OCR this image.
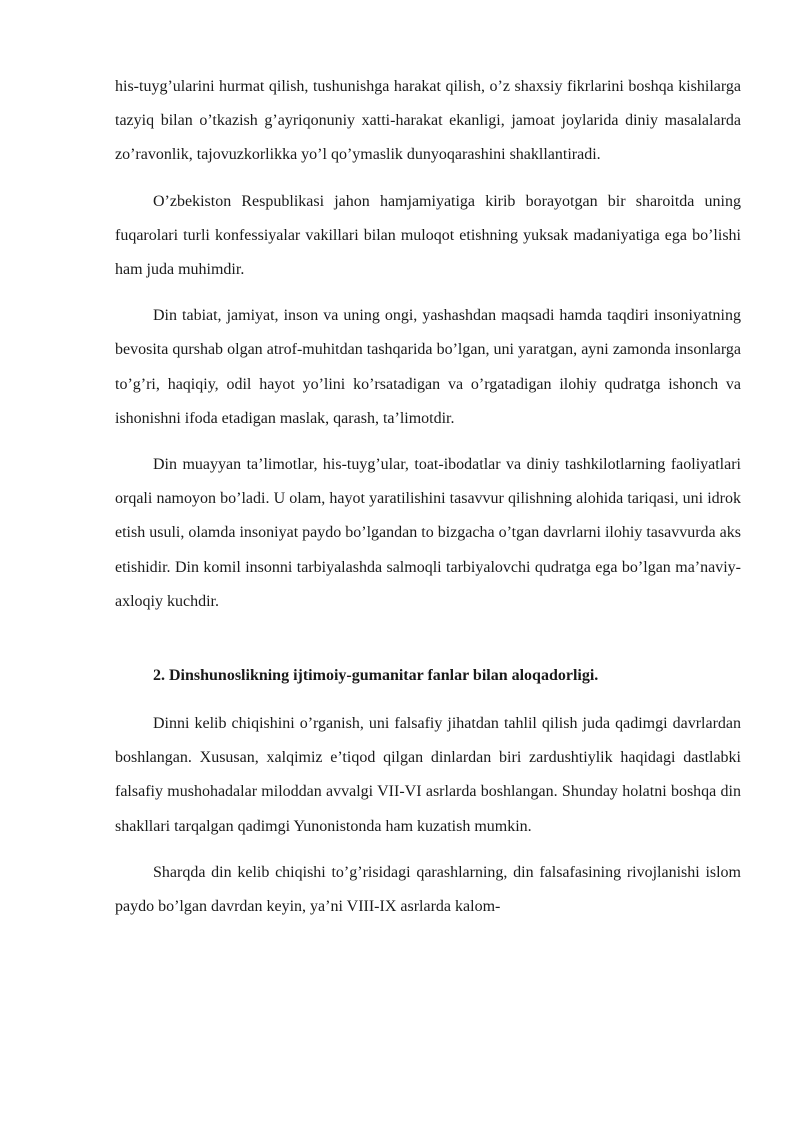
his-tuyg’ularini hurmat qilish, tushunishga harakat qilish, o’z shaxsiy fikrlarini boshqa kishilarga tazyiq bilan o’tkazish g’ayriqonuniy xatti-harakat ekanligi, jamoat joylarida diniy masalalarda zo’ravonlik, tajovuzkorlikka yo’l qo’ymaslik dunyoqarashini shakllantiradi.

O’zbekiston Respublikasi jahon hamjamiyatiga kirib borayotgan bir sharoitda uning fuqarolari turli konfessiyalar vakillari bilan muloqot etishning yuksak madaniyatiga ega bo’lishi ham juda muhimdir.

Din tabiat, jamiyat, inson va uning ongi, yashashdan maqsadi hamda taqdiri insoniyatning bevosita qurshab olgan atrof-muhitdan tashqarida bo’lgan, uni yaratgan, ayni zamonda insonlarga to’g’ri, haqiqiy, odil hayot yo’lini ko’rsatadigan va o’rgatadigan ilohiy qudratga ishonch va ishonishni ifoda etadigan maslak, qarash, ta’limotdir.

Din muayyan ta’limotlar, his-tuyg’ular, toat-ibodatlar va diniy tashkilotlarning faoliyatlari orqali namoyon bo’ladi. U olam, hayot yaratilishini tasavvur qilishning alohida tariqasi, uni idrok etish usuli, olamda insoniyat paydo bo’lgandan to bizgacha o’tgan davrlarni ilohiy tasavvurda aks etishidir. Din komil insonni tarbiyalashda salmoqli tarbiyalovchi qudratga ega bo’lgan ma’naviy-axloqiy kuchdir.

2. Dinshunoslikning ijtimoiy-gumanitar fanlar bilan aloqadorligi.

Dinni kelib chiqishini o’rganish, uni falsafiy jihatdan tahlil qilish juda qadimgi davrlardan boshlangan. Xususan, xalqimiz e’tiqod qilgan dinlardan biri zardushtiylik haqidagi dastlabki falsafiy mushohadalar miloddan avvalgi VII-VI asrlarda boshlangan. Shunday holatni boshqa din shakllari tarqalgan qadimgi Yunonistonda ham kuzatish mumkin.

Sharqda din kelib chiqishi to’g’risidagi qarashlarning, din falsafasining rivojlanishi islom paydo bo’lgan davrdan keyin, ya’ni VIII-IX asrlarda kalom-
